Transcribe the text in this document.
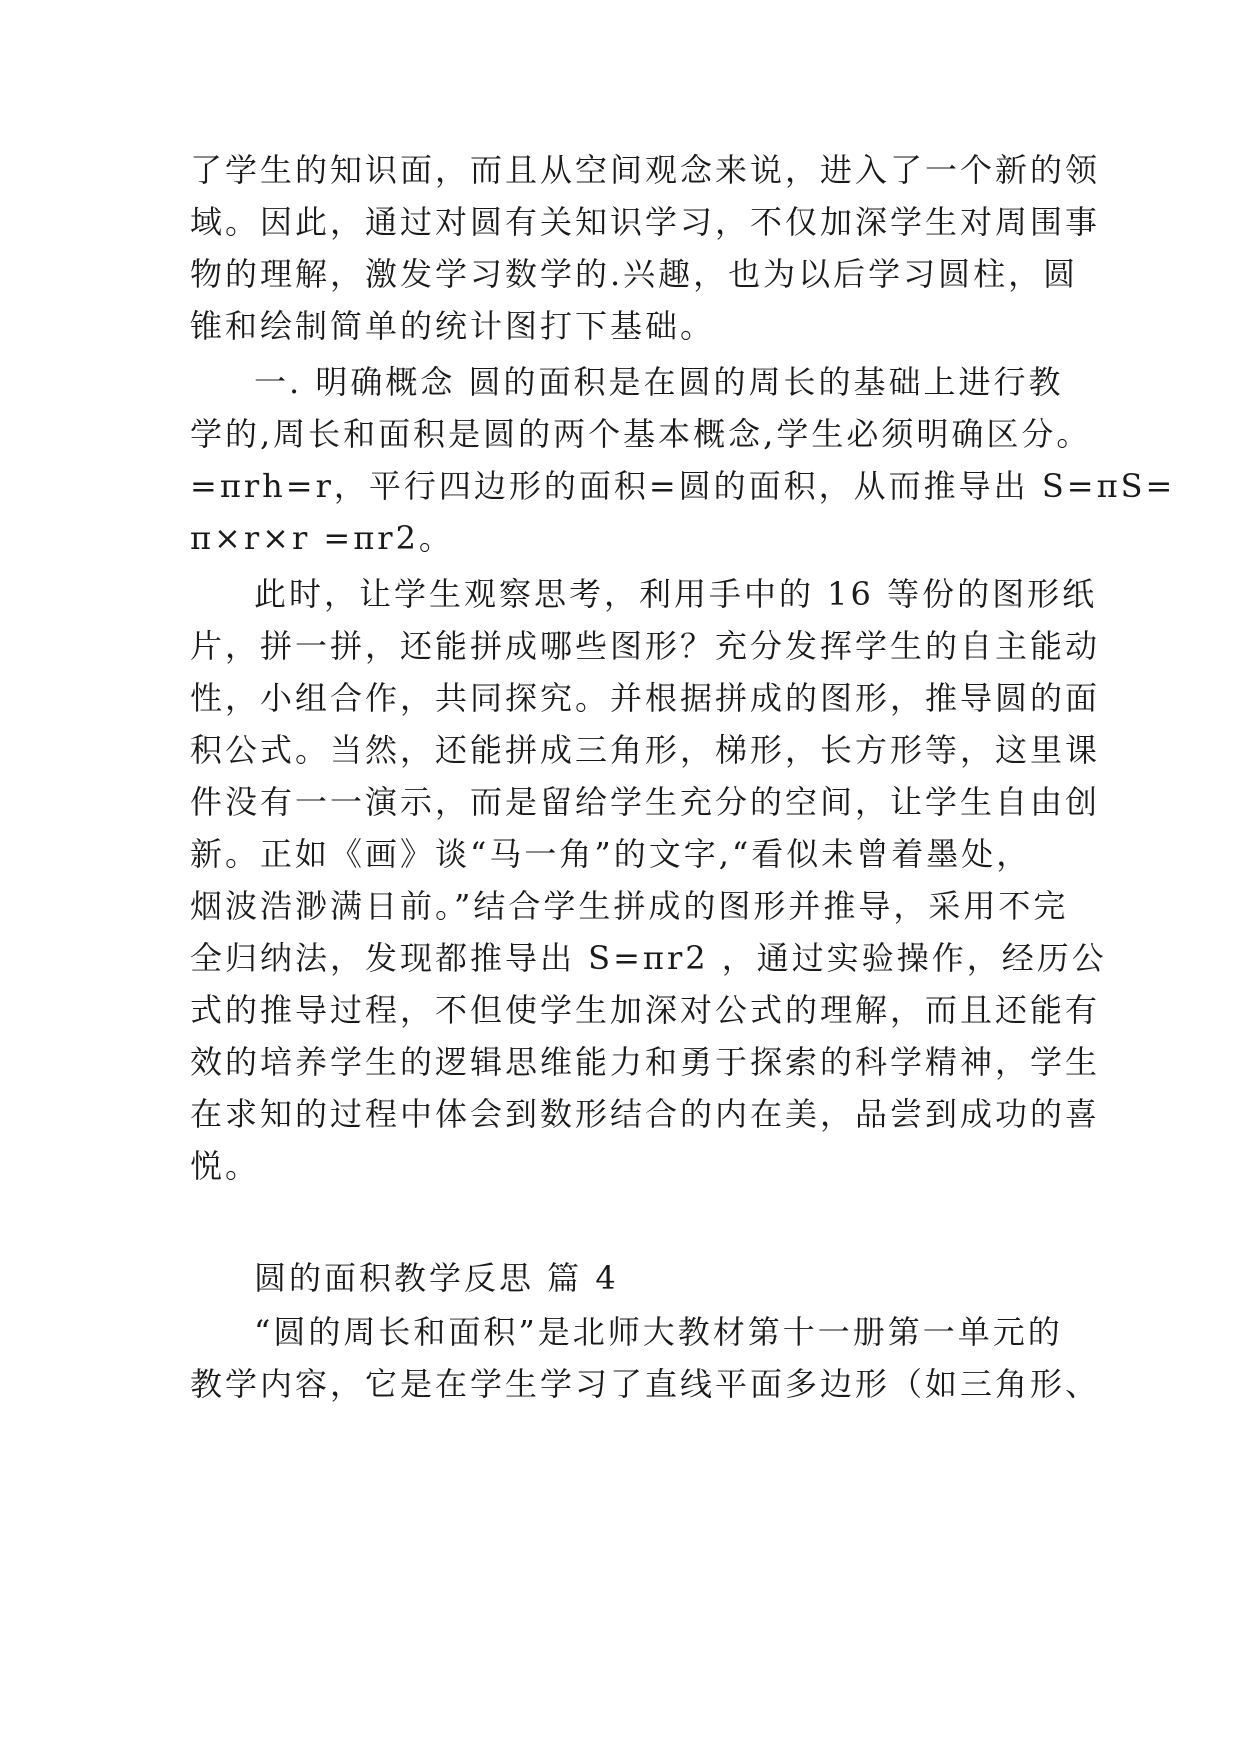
了学生的知识面，而且从空间观念来说，进入了一个新的领
域。因此，通过对圆有关知识学习，不仅加深学生对周围事
物的理解，激发学习数学的.兴趣，也为以后学习圆柱，圆
锥和绘制简单的统计图打下基础。
一. 明确概念 圆的面积是在圆的周长的基础上进行教
学的,周长和面积是圆的两个基本概念,学生必须明确区分。
=πrh=r，平行四边形的面积=圆的面积，从而推导出 S=πS=
π×r×r =πr2。
此时，让学生观察思考，利用手中的 16 等份的图形纸
片，拼一拼，还能拼成哪些图形？充分发挥学生的自主能动
性，小组合作，共同探究。并根据拼成的图形，推导圆的面
积公式。当然，还能拼成三角形，梯形，长方形等，这里课
件没有一一演示，而是留给学生充分的空间，让学生自由创
新。正如《画》谈“马一角”的文字,“看似未曾着墨处，
烟波浩渺满日前。”结合学生拼成的图形并推导，采用不完
全归纳法，发现都推导出 S=πr2 ，通过实验操作，经历公
式的推导过程，不但使学生加深对公式的理解，而且还能有
效的培养学生的逻辑思维能力和勇于探索的科学精神，学生
在求知的过程中体会到数形结合的内在美，品尝到成功的喜
悦。
圆的面积教学反思 篇 4
“圆的周长和面积”是北师大教材第十一册第一单元的
教学内容，它是在学生学习了直线平面多边形（如三角形、
